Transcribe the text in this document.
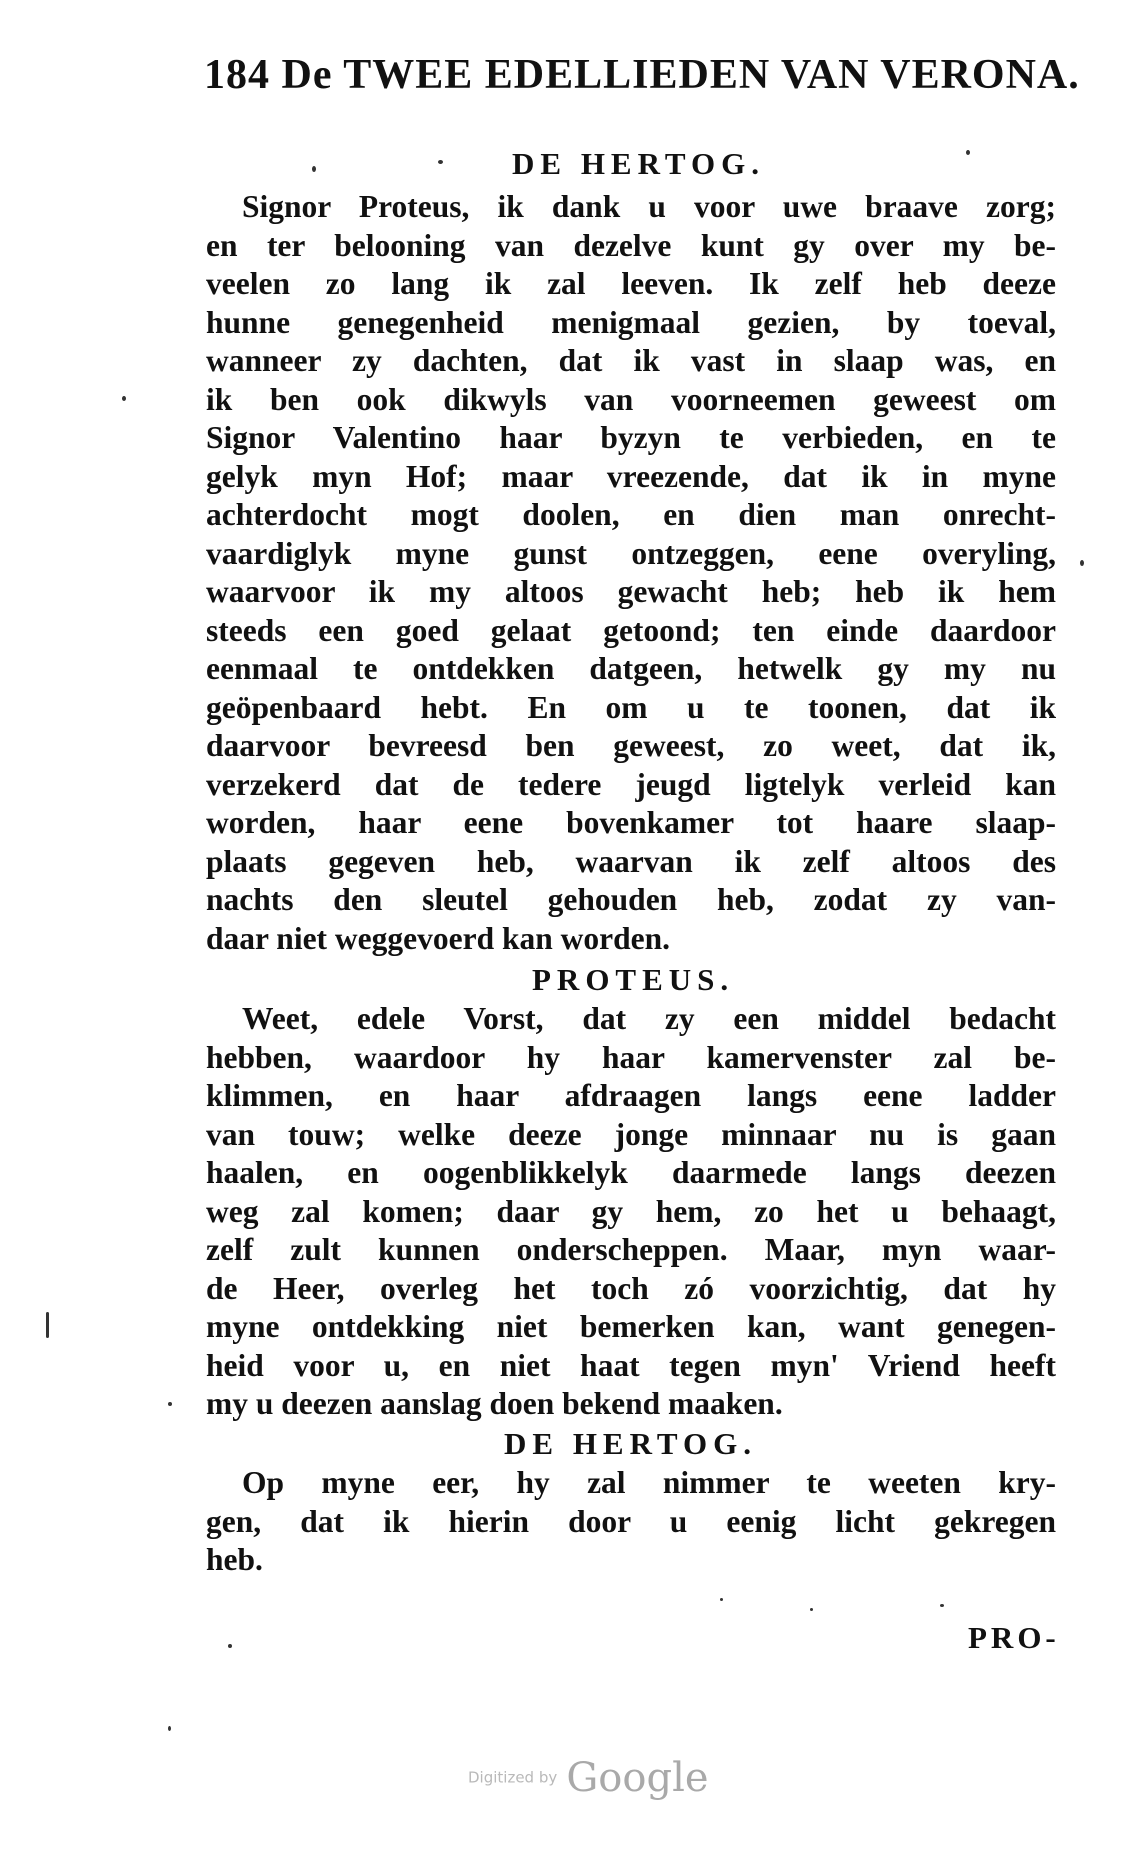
184 De TWEE EDELLIEDEN VAN VERONA.
DE HERTOG.
Signor Proteus, ik dank u voor uwe braave zorg;
en ter belooning van dezelve kunt gy over my be-
veelen zo lang ik zal leeven. Ik zelf heb deeze
hunne genegenheid menigmaal gezien, by toeval,
wanneer zy dachten, dat ik vast in slaap was, en
ik ben ook dikwyls van voorneemen geweest om
Signor Valentino haar byzyn te verbieden, en te
gelyk myn Hof; maar vreezende, dat ik in myne
achterdocht mogt doolen, en dien man onrecht-
vaardiglyk myne gunst ontzeggen, eene overyling,
waarvoor ik my altoos gewacht heb; heb ik hem
steeds een goed gelaat getoond; ten einde daardoor
eenmaal te ontdekken datgeen, hetwelk gy my nu
geöpenbaard hebt. En om u te toonen, dat ik
daarvoor bevreesd ben geweest, zo weet, dat ik,
verzekerd dat de tedere jeugd ligtelyk verleid kan
worden, haar eene bovenkamer tot haare slaap-
plaats gegeven heb, waarvan ik zelf altoos des
nachts den sleutel gehouden heb, zodat zy van-
daar niet weggevoerd kan worden.
PROTEUS.
Weet, edele Vorst, dat zy een middel bedacht
hebben, waardoor hy haar kamervenster zal be-
klimmen, en haar afdraagen langs eene ladder
van touw; welke deeze jonge minnaar nu is gaan
haalen, en oogenblikkelyk daarmede langs deezen
weg zal komen; daar gy hem, zo het u behaagt,
zelf zult kunnen onderscheppen. Maar, myn waar-
de Heer, overleg het toch zó voorzichtig, dat hy
myne ontdekking niet bemerken kan, want genegen-
heid voor u, en niet haat tegen myn' Vriend heeft
my u deezen aanslag doen bekend maaken.
DE HERTOG.
Op myne eer, hy zal nimmer te weeten kry-
gen, dat ik hierin door u eenig licht gekregen
heb.
PRO-
Digitized by Google
